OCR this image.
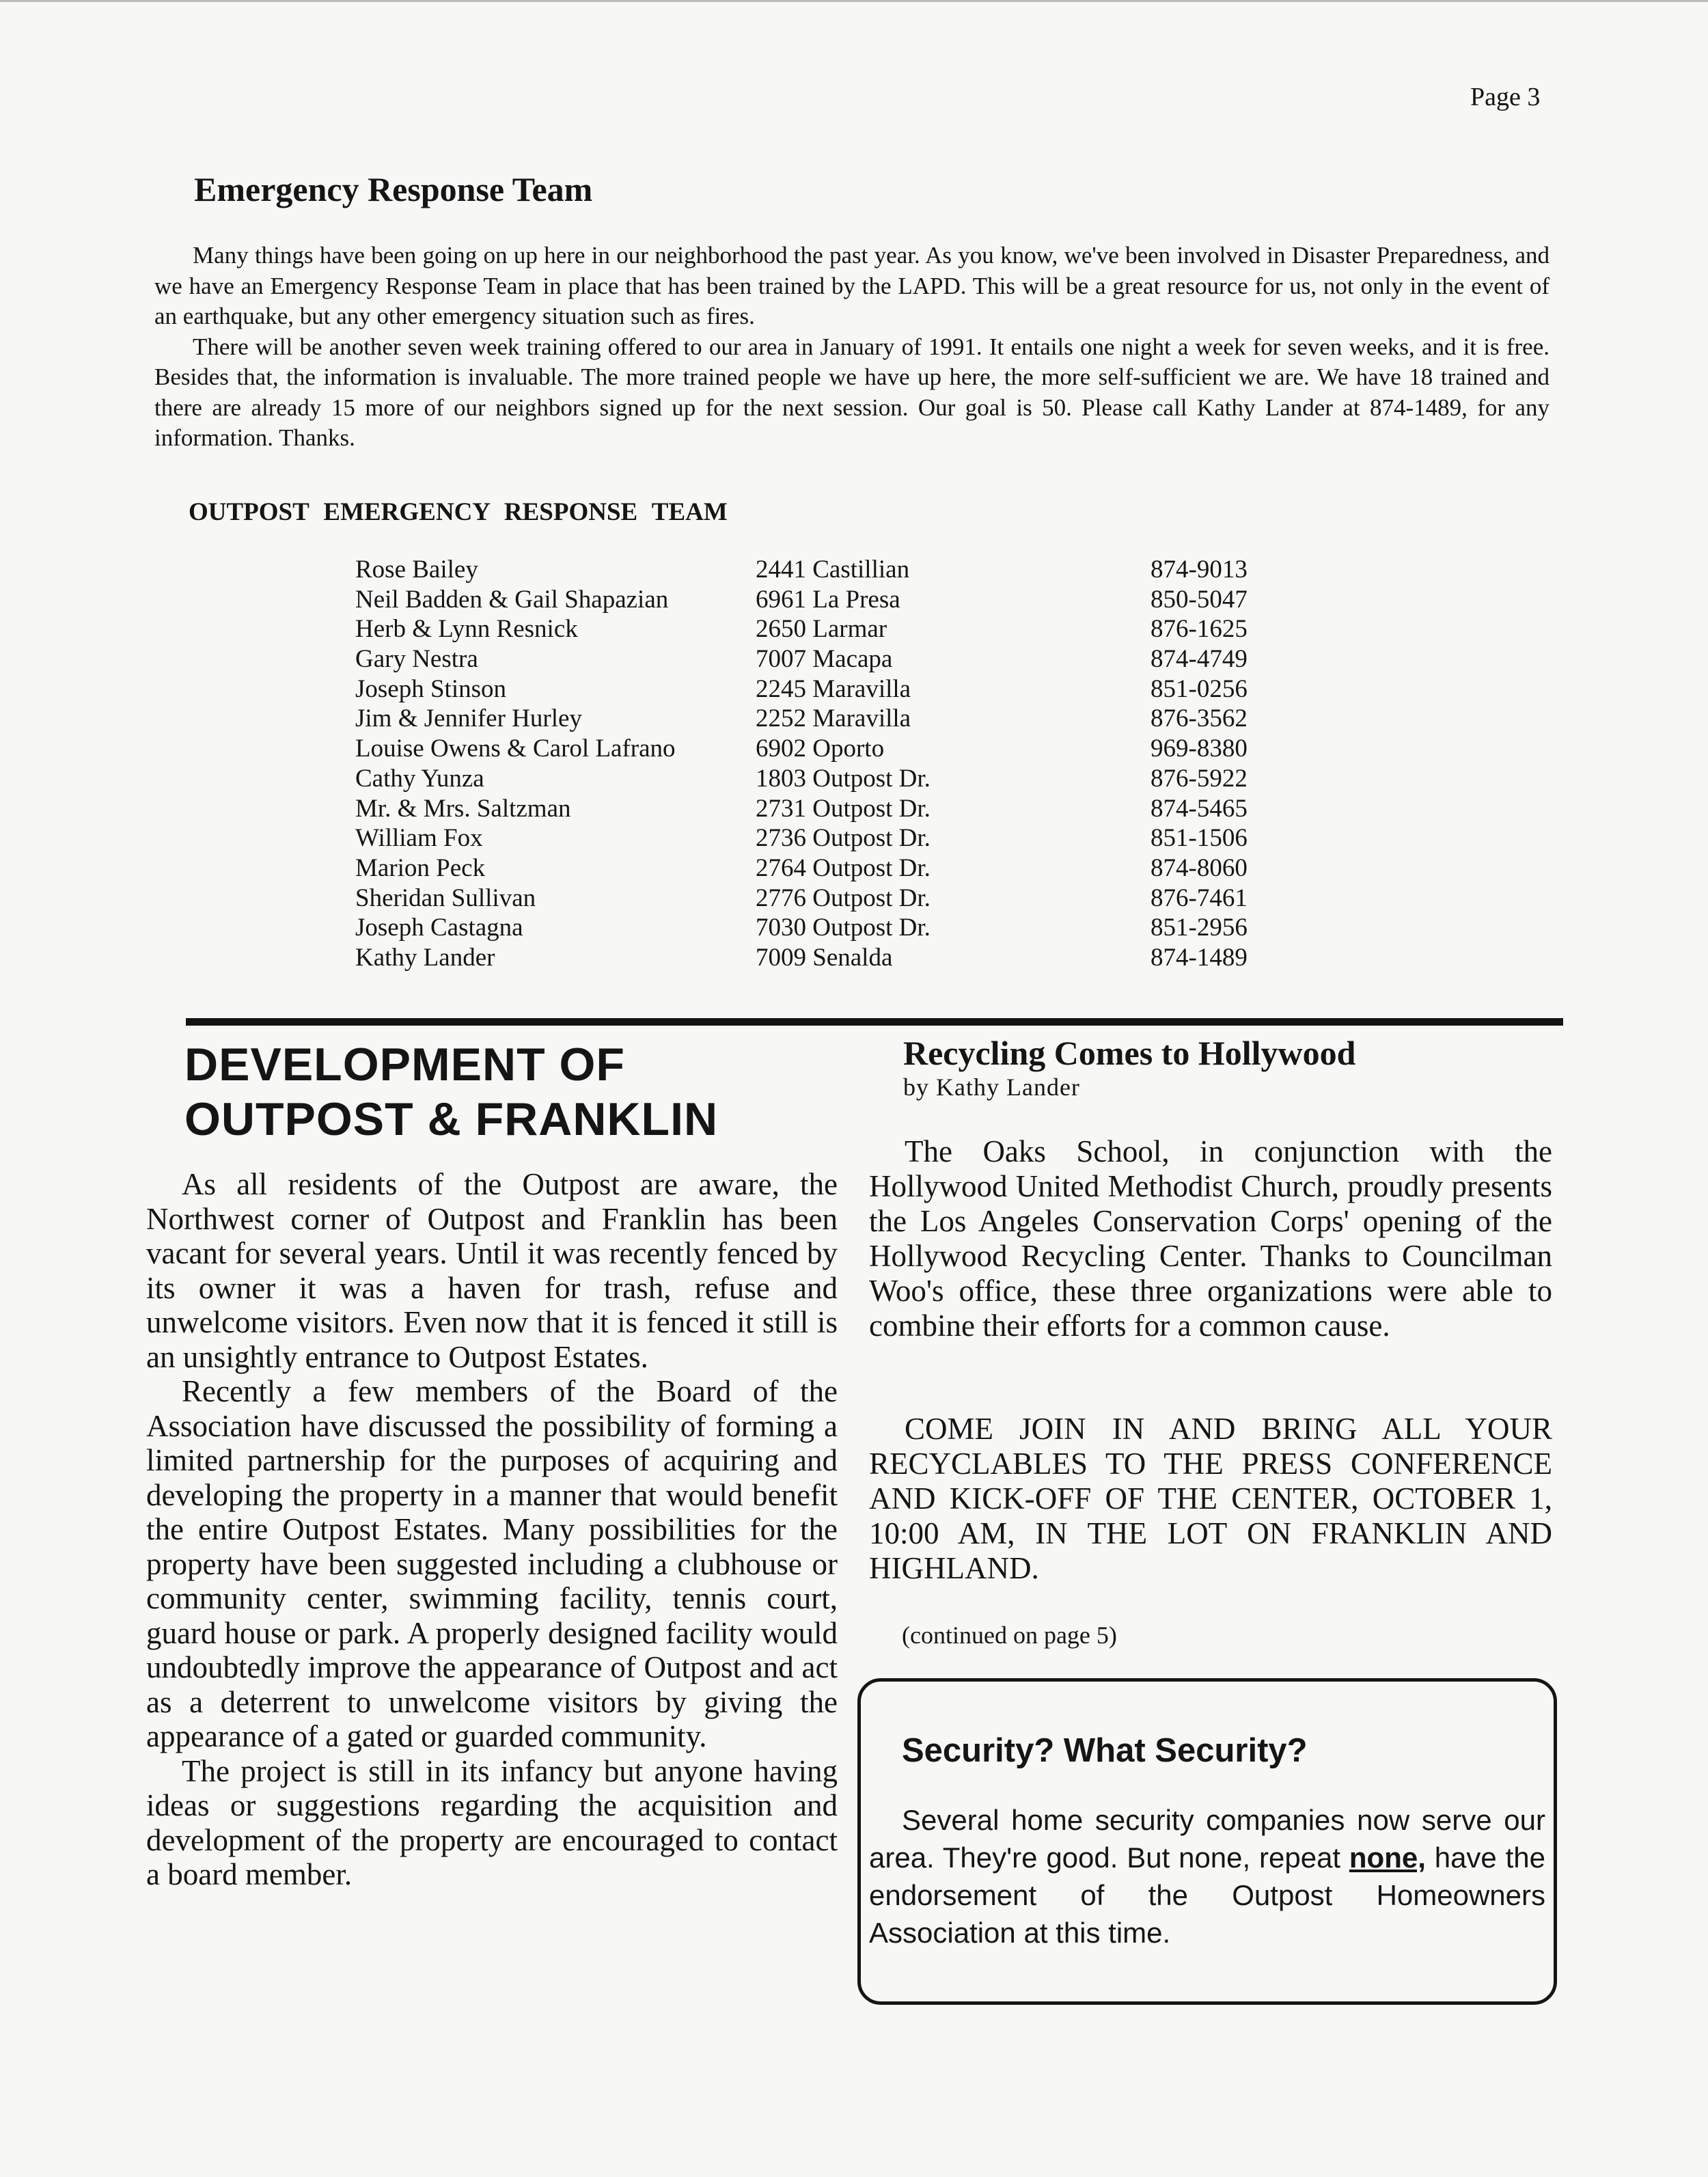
Page 3
Emergency Response Team

Many things have been going on up here in our neighborhood the past year. As you know, we've been involved in Disaster Preparedness, and we have an Emergency Response Team in place that has been trained by the LAPD. This will be a great resource for us, not only in the event of an earthquake, but any other emergency situation such as fires.

There will be another seven week training offered to our area in January of 1991. It entails one night a week for seven weeks, and it is free. Besides that, the information is invaluable. The more trained people we have up here, the more self-sufficient we are. We have 18 trained and there are already 15 more of our neighbors signed up for the next session. Our goal is 50. Please call Kathy Lander at 874-1489, for any information. Thanks.

OUTPOST EMERGENCY RESPONSE TEAM
Rose Bailey	2441 Castillian	874-9013
Neil Badden & Gail Shapazian	6961 La Presa	850-5047
Herb & Lynn Resnick	2650 Larmar	876-1625
Gary Nestra	7007 Macapa	874-4749
Joseph Stinson	2245 Maravilla	851-0256
Jim & Jennifer Hurley	2252 Maravilla	876-3562
Louise Owens & Carol Lafrano	6902 Oporto	969-8380
Cathy Yunza	1803 Outpost Dr.	876-5922
Mr. & Mrs. Saltzman	2731 Outpost Dr.	874-5465
William Fox	2736 Outpost Dr.	851-1506
Marion Peck	2764 Outpost Dr.	874-8060
Sheridan Sullivan	2776 Outpost Dr.	876-7461
Joseph Castagna	7030 Outpost Dr.	851-2956
Kathy Lander	7009 Senalda	874-1489
DEVELOPMENT OF
OUTPOST & FRANKLIN

As all residents of the Outpost are aware, the Northwest corner of Outpost and Franklin has been vacant for several years. Until it was recently fenced by its owner it was a haven for trash, refuse and unwelcome visitors. Even now that it is fenced it still is an unsightly entrance to Outpost Estates.

Recently a few members of the Board of the Association have discussed the possibility of forming a limited partnership for the purposes of acquiring and developing the property in a manner that would benefit the entire Outpost Estates. Many possibilities for the property have been suggested including a clubhouse or community center, swimming facility, tennis court, guard house or park. A properly designed facility would undoubtedly improve the appearance of Outpost and act as a deterrent to unwelcome visitors by giving the appearance of a gated or guarded community.

The project is still in its infancy but anyone having ideas or suggestions regarding the acquisition and development of the property are encouraged to contact a board member.

Recycling Comes to Hollywood
by Kathy Lander

The Oaks School, in conjunction with the Hollywood United Methodist Church, proudly presents the Los Angeles Conservation Corps' opening of the Hollywood Recycling Center. Thanks to Councilman Woo's office, these three organizations were able to combine their efforts for a common cause.

COME JOIN IN AND BRING ALL YOUR RECYCLABLES TO THE PRESS CONFERENCE AND KICK-OFF OF THE CENTER, OCTOBER 1, 10:00 AM, IN THE LOT ON FRANKLIN AND HIGHLAND.

(continued on page 5)
Security? What Security?

Several home security companies now serve our area. They're good. But none, repeat none, have the endorsement of the Outpost Homeowners Association at this time.
